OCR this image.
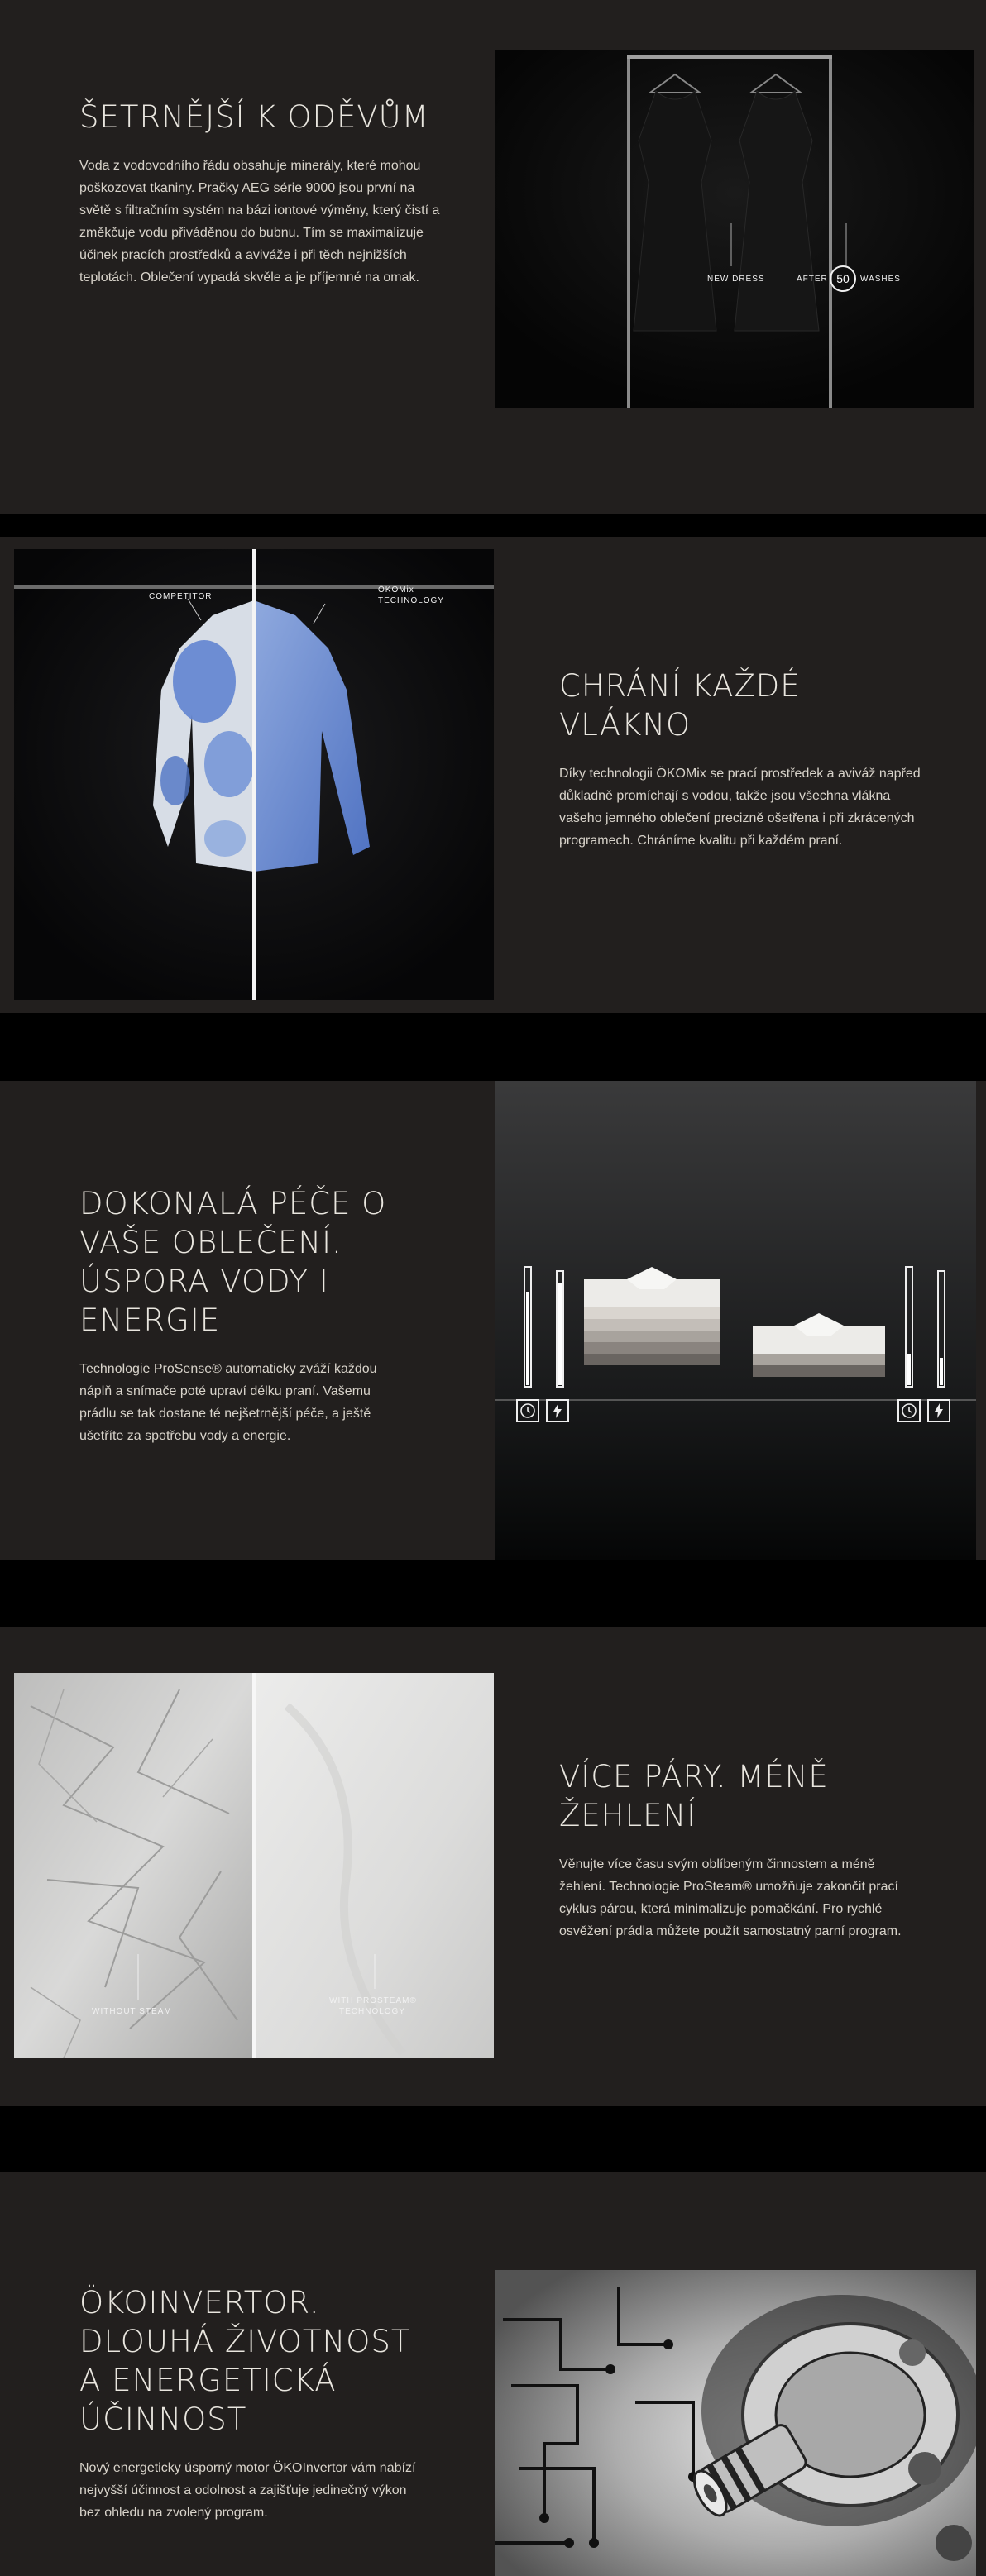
ŠETRNĚJŠÍ K ODĚVŮM

Voda z vodovodního řádu obsahuje minerály, které mohou poškozovat tkaniny. Pračky AEG série 9000 jsou první na světě s filtračním systém na bázi iontové výměny, který čistí a změkčuje vodu přiváděnou do bubnu. Tím se maximalizuje účinek pracích prostředků a aviváže i při těch nejnižších teplotách. Oblečení vypadá skvěle a je příjemné na omak.	NEW DRESS	AFTER 50	WASHES
COMPETITOR
ÖKOMix
TECHNOLOGY
CHRÁNÍ KAŽDÉ VLÁKNO

Díky technologii ÖKOMix se prací prostředek a aviváž napřed důkladně promíchají s vodou, takže jsou všechna vlákna vašeho jemného oblečení precizně ošetřena i při zkrácených programech. Chráníme kvalitu při každém praní.

DOKONALÁ PÉČE O VAŠE OBLEČENÍ. ÚSPORA VODY I ENERGIE

Technologie ProSense® automaticky zváží každou náplň a snímače poté upraví délku praní. Vašemu prádlu se tak dostane té nejšetrnější péče, a ještě ušetříte za spotřebu vody a energie.

WITHOUT STEAM
WITH PROSTEAM®
TECHNOLOGY
VÍCE PÁRY. MÉNĚ ŽEHLENÍ

Věnujte více času svým oblíbeným činnostem a méně žehlení. Technologie ProSteam® umožňuje zakončit prací cyklus párou, která minimalizuje pomačkání. Pro rychlé osvěžení prádla můžete použít samostatný parní program.

ÖKOINVERTOR. DLOUHÁ ŽIVOTNOST A ENERGETICKÁ ÚČINNOST

Nový energeticky úsporný motor ÖKOInvertor vám nabízí nejvyšší účinnost a odolnost a zajišťuje jedinečný výkon bez ohledu na zvolený program.
